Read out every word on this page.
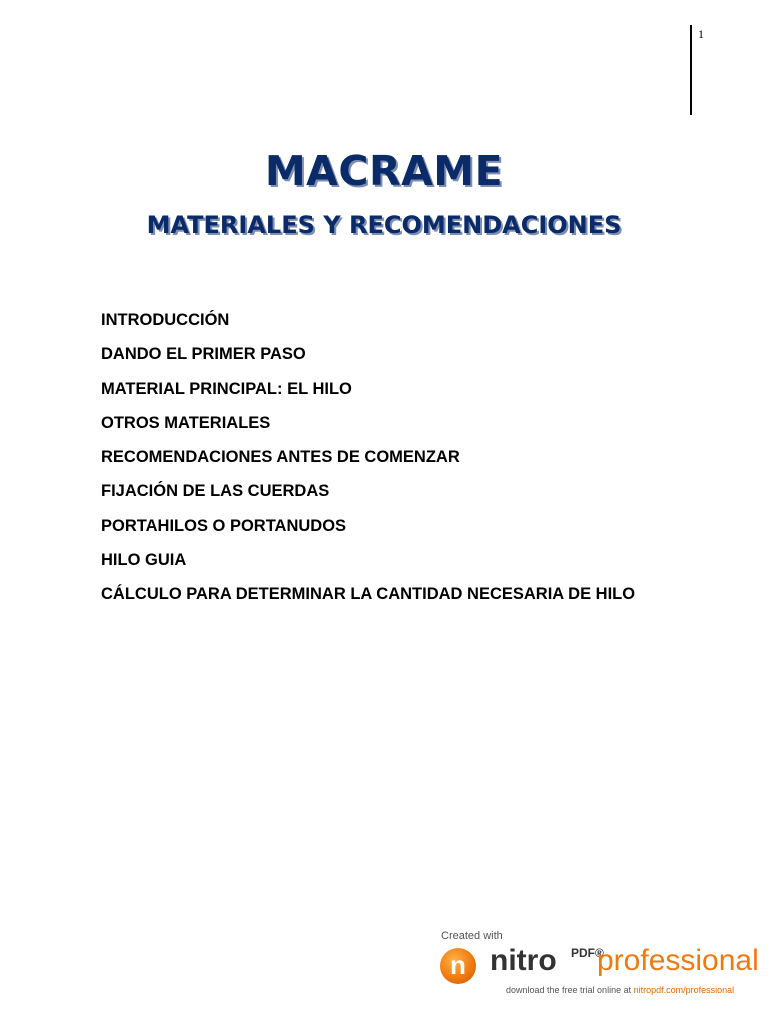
1
MACRAME
MATERIALES Y RECOMENDACIONES
INTRODUCCIÓN
DANDO EL PRIMER PASO
MATERIAL PRINCIPAL: EL HILO
OTROS MATERIALES
RECOMENDACIONES ANTES DE COMENZAR
FIJACIÓN DE LAS CUERDAS
PORTAHILOS O PORTANUDOS
HILO GUIA
CÁLCULO PARA DETERMINAR LA CANTIDAD NECESARIA DE HILO
Created with
n nitro PDF®
professional
download the free trial online at nitropdf.com/professional
